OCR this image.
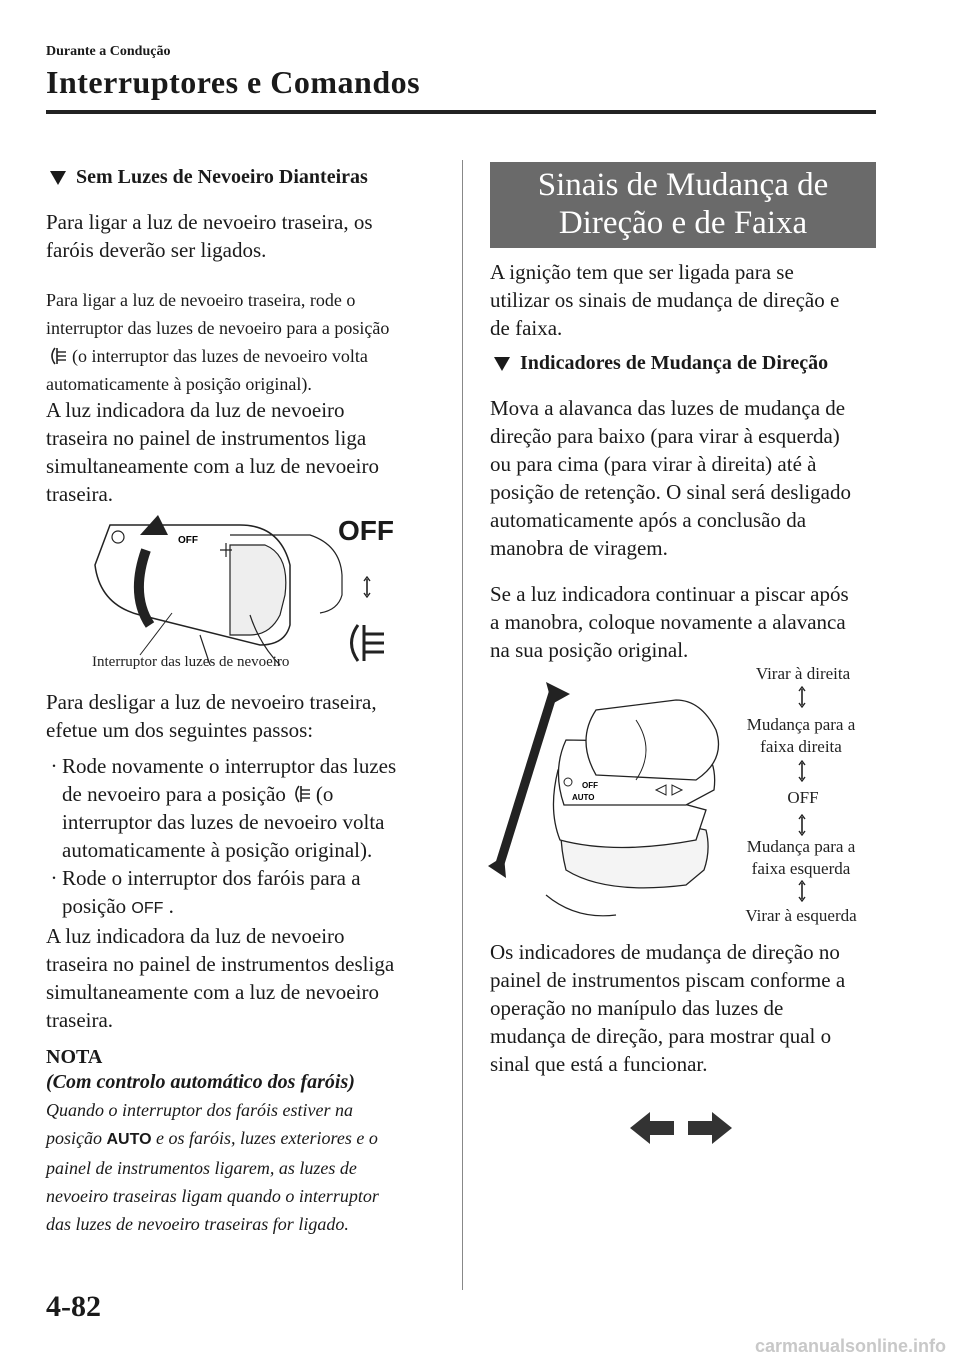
Durante a Condução
Interruptores e Comandos
Sem Luzes de Nevoeiro Dianteiras
Para ligar a luz de nevoeiro traseira, os
faróis deverão ser ligados.
Para ligar a luz de nevoeiro traseira, rode o
interruptor das luzes de nevoeiro para a posição
(o interruptor das luzes de nevoeiro volta
automaticamente à posição original).
A luz indicadora da luz de nevoeiro
traseira no painel de instrumentos liga
simultaneamente com a luz de nevoeiro
traseira.
OFF	OFF
Interruptor das luzes de nevoeiro
Para desligar a luz de nevoeiro traseira,
efetue um dos seguintes passos:
· Rode novamente o interruptor das luzes
de nevoeiro para a posição (o
interruptor das luzes de nevoeiro volta
automaticamente à posição original).
· Rode o interruptor dos faróis para a
posição OFF .
A luz indicadora da luz de nevoeiro
traseira no painel de instrumentos desliga
simultaneamente com a luz de nevoeiro
traseira.
NOTA
(Com controlo automático dos faróis)
Quando o interruptor dos faróis estiver na
posição AUTO e os faróis, luzes exteriores e o
painel de instrumentos ligarem, as luzes de
nevoeiro traseiras ligam quando o interruptor
das luzes de nevoeiro traseiras for ligado.
Sinais de Mudança de
Direção e de Faixa
A ignição tem que ser ligada para se
utilizar os sinais de mudança de direção e
de faixa.
Indicadores de Mudança de Direção
Mova a alavanca das luzes de mudança de
direção para baixo (para virar à esquerda)
ou para cima (para virar à direita) até à
posição de retenção. O sinal será desligado
automaticamente após a conclusão da
manobra de viragem.
Se a luz indicadora continuar a piscar após
a manobra, coloque novamente a alavanca
na sua posição original.
OFF
AUTO
Virar à direita
Mudança para a
faixa direita
OFF
Mudança para a
faixa esquerda
Virar à esquerda
Os indicadores de mudança de direção no
painel de instrumentos piscam conforme a
operação no manípulo das luzes de
mudança de direção, para mostrar qual o
sinal que está a funcionar.
4-82
carmanualsonline.info
